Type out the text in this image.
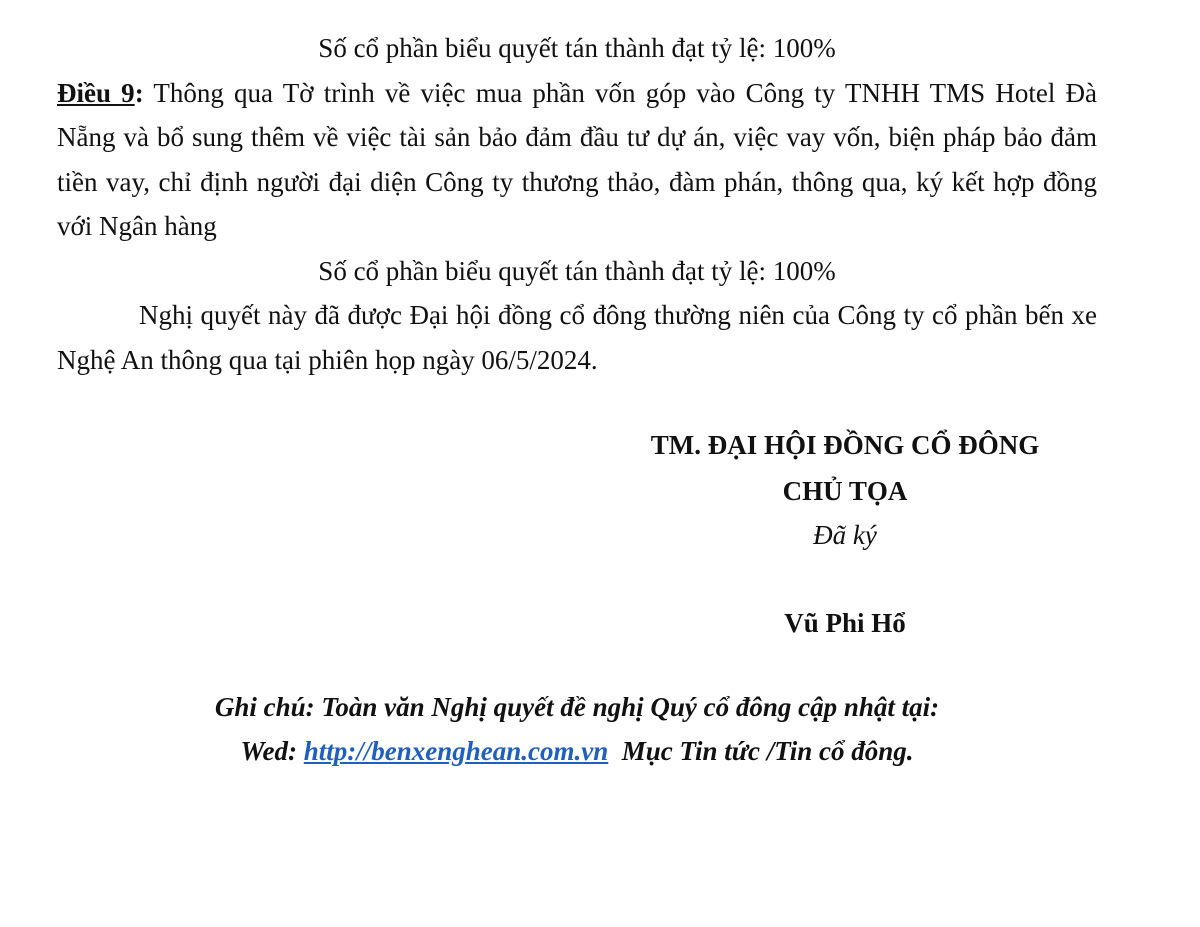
Số cổ phần biểu quyết tán thành đạt tỷ lệ: 100%

Điều 9: Thông qua Tờ trình về việc mua phần vốn góp vào Công ty TNHH TMS Hotel Đà Nẵng và bổ sung thêm về việc tài sản bảo đảm đầu tư dự án, việc vay vốn, biện pháp bảo đảm tiền vay, chỉ định người đại diện Công ty thương thảo, đàm phán, thông qua, ký kết hợp đồng với Ngân hàng

Số cổ phần biểu quyết tán thành đạt tỷ lệ: 100%

Nghị quyết này đã được Đại hội đồng cổ đông thường niên của Công ty cổ phần bến xe Nghệ An thông qua tại phiên họp ngày 06/5/2024.

TM. ĐẠI HỘI ĐỒNG CỔ ĐÔNG

CHỦ TỌA

Đã ký

Vũ Phi Hổ

Ghi chú: Toàn văn Nghị quyết đề nghị Quý cổ đông cập nhật tại:

Wed: http://benxenghean.com.vn  Mục Tin tức /Tin cổ đông.
